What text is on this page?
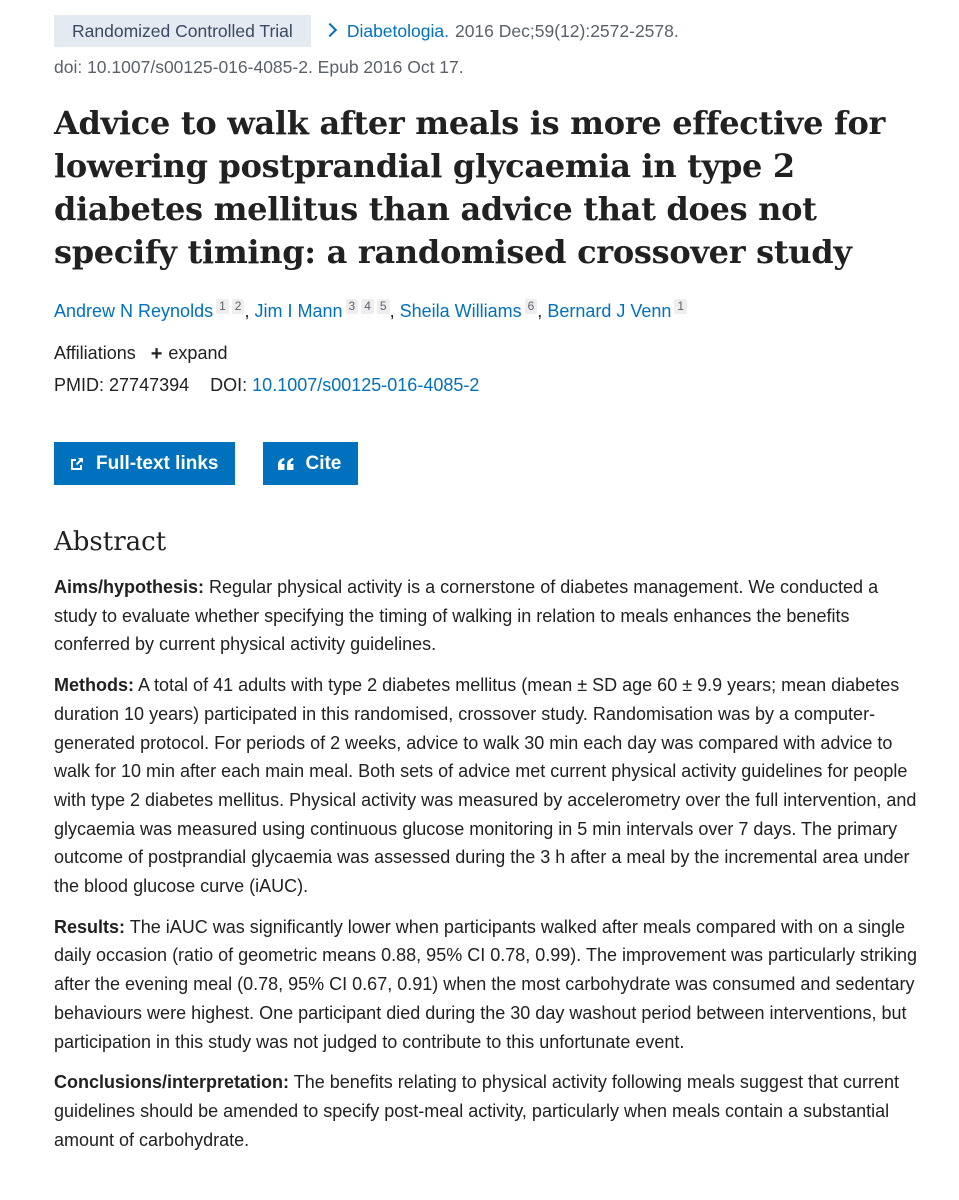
Randomized Controlled Trial	Diabetologia. 2016 Dec;59(12):2572-2578.
doi: 10.1007/s00125-016-4085-2. Epub 2016 Oct 17.
Advice to walk after meals is more effective for lowering postprandial glycaemia in type 2 diabetes mellitus than advice that does not specify timing: a randomised crossover study
Andrew N Reynolds 1 2 , Jim I Mann 3 4 5 , Sheila Williams 6 , Bernard J Venn 1
Affiliations + expand
PMID: 27747394 DOI: 10.1007/s00125-016-4085-2
Full-text links	Cite
Abstract

Aims/hypothesis: Regular physical activity is a cornerstone of diabetes management. We conducted a study to evaluate whether specifying the timing of walking in relation to meals enhances the benefits conferred by current physical activity guidelines.

Methods: A total of 41 adults with type 2 diabetes mellitus (mean ± SD age 60 ± 9.9 years; mean diabetes duration 10 years) participated in this randomised, crossover study. Randomisation was by a computer-generated protocol. For periods of 2 weeks, advice to walk 30 min each day was compared with advice to walk for 10 min after each main meal. Both sets of advice met current physical activity guidelines for people with type 2 diabetes mellitus. Physical activity was measured by accelerometry over the full intervention, and glycaemia was measured using continuous glucose monitoring in 5 min intervals over 7 days. The primary outcome of postprandial glycaemia was assessed during the 3 h after a meal by the incremental area under the blood glucose curve (iAUC).

Results: The iAUC was significantly lower when participants walked after meals compared with on a single daily occasion (ratio of geometric means 0.88, 95% CI 0.78, 0.99). The improvement was particularly striking after the evening meal (0.78, 95% CI 0.67, 0.91) when the most carbohydrate was consumed and sedentary behaviours were highest. One participant died during the 30 day washout period between interventions, but participation in this study was not judged to contribute to this unfortunate event.

Conclusions/interpretation: The benefits relating to physical activity following meals suggest that current guidelines should be amended to specify post-meal activity, particularly when meals contain a substantial amount of carbohydrate.
